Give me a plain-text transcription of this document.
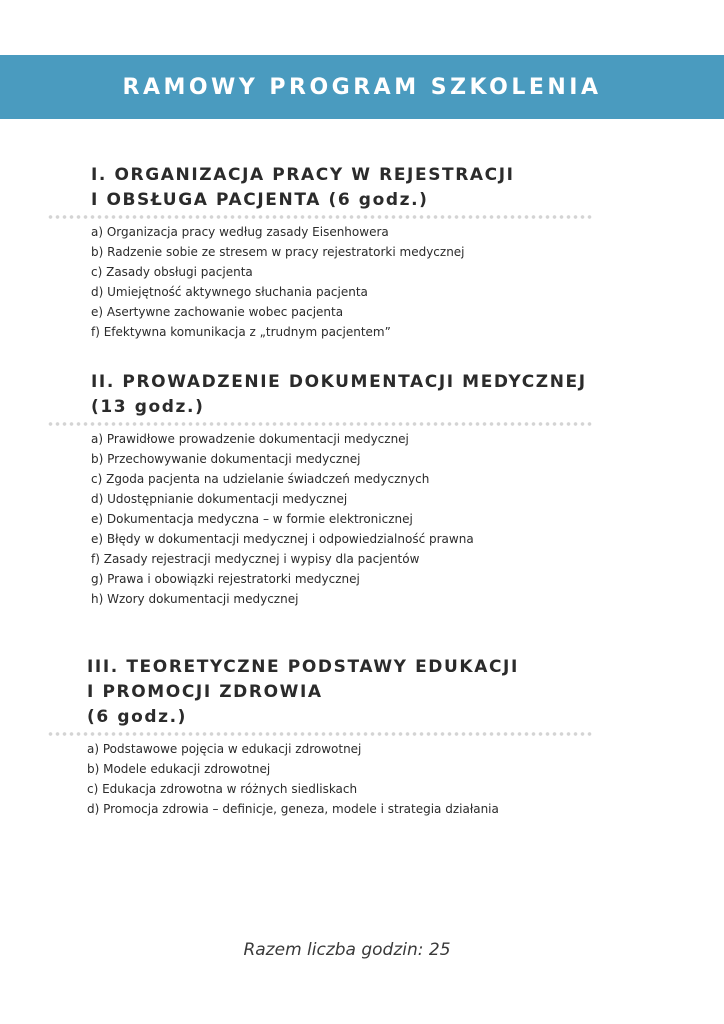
RAMOWY PROGRAM SZKOLENIA
I. ORGANIZACJA PRACY W REJESTRACJI
I OBSŁUGA PACJENTA (6 godz.)
a) Organizacja pracy według zasady Eisenhowera
b) Radzenie sobie ze stresem w pracy rejestratorki medycznej
c) Zasady obsługi pacjenta
d) Umiejętność aktywnego słuchania pacjenta
e) Asertywne zachowanie wobec pacjenta
f) Efektywna komunikacja z „trudnym pacjentem”
II. PROWADZENIE DOKUMENTACJI MEDYCZNEJ
(13 godz.)
a) Prawidłowe prowadzenie dokumentacji medycznej
b) Przechowywanie dokumentacji medycznej
c) Zgoda pacjenta na udzielanie świadczeń medycznych
d) Udostępnianie dokumentacji medycznej
e) Dokumentacja medyczna – w formie elektronicznej
e) Błędy w dokumentacji medycznej i odpowiedzialność prawna
f) Zasady rejestracji medycznej i wypisy dla pacjentów
g) Prawa i obowiązki rejestratorki medycznej
h) Wzory dokumentacji medycznej
III. TEORETYCZNE PODSTAWY EDUKACJI
I PROMOCJI ZDROWIA
(6 godz.)
a) Podstawowe pojęcia w edukacji zdrowotnej
b) Modele edukacji zdrowotnej
c) Edukacja zdrowotna w różnych siedliskach
d) Promocja zdrowia – definicje, geneza, modele i strategia działania
Razem liczba godzin: 25
